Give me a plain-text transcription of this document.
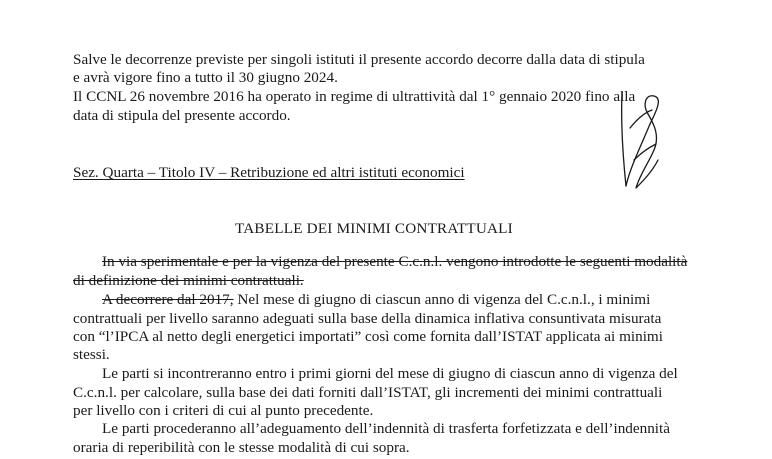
Salve le decorrenze previste per singoli istituti il presente accordo decorre dalla data di stipula
e avrà vigore fino a tutto il 30 giugno 2024.
Il CCNL 26 novembre 2016 ha operato in regime di ultrattività dal 1° gennaio 2020 fino alla
data di stipula del presente accordo.
Sez. Quarta – Titolo IV – Retribuzione ed altri istituti economici
TABELLE DEI MINIMI CONTRATTUALI
In via sperimentale e per la vigenza del presente C.c.n.l. vengono introdotte le seguenti modalità
di definizione dei minimi contrattuali.
A decorrere dal 2017, Nel mese di giugno di ciascun anno di vigenza del C.c.n.l., i minimi
contrattuali per livello saranno adeguati sulla base della dinamica inflativa consuntivata misurata
con “l’IPCA al netto degli energetici importati” così come fornita dall’ISTAT applicata ai minimi
stessi.
Le parti si incontreranno entro i primi giorni del mese di giugno di ciascun anno di vigenza del
C.c.n.l. per calcolare, sulla base dei dati forniti dall’ISTAT, gli incrementi dei minimi contrattuali
per livello con i criteri di cui al punto precedente.
Le parti procederanno all’adeguamento dell’indennità di trasferta forfetizzata e dell’indennità
oraria di reperibilità con le stesse modalità di cui sopra.
